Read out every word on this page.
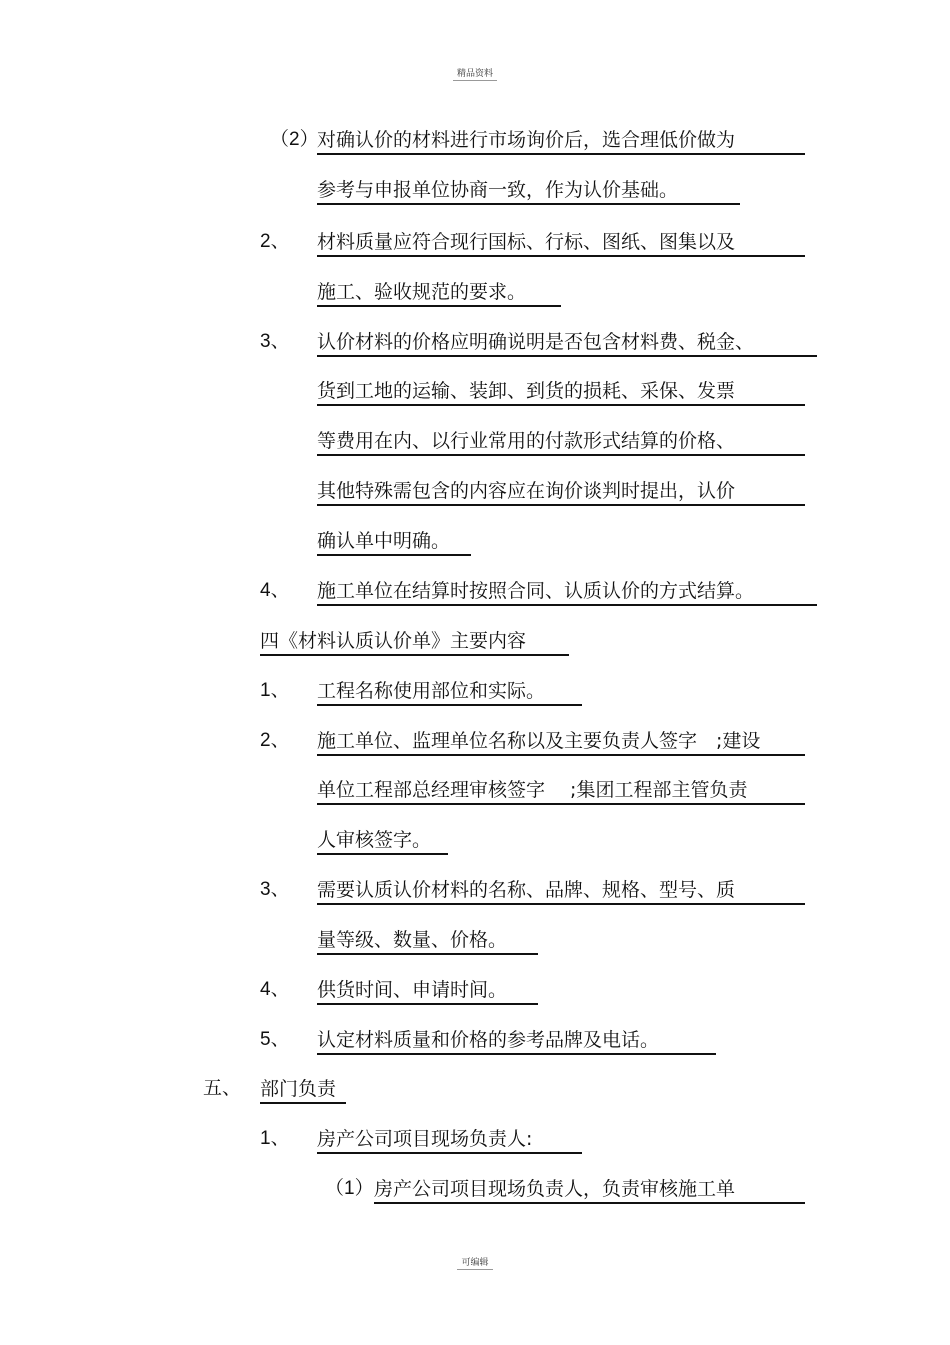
精品资料
（2）
对确认价的材料进行市场询价后，选合理低价做为
参考与申报单位协商一致，作为认价基础。
2、 材料质量应符合现行国标、行标、图纸、图集以及
施工、验收规范的要求。
3、 认价材料的价格应明确说明是否包含材料费、税金、
货到工地的运输、装卸、到货的损耗、采保、发票
等费用在内、以行业常用的付款形式结算的价格、
其他特殊需包含的内容应在询价谈判时提出，认价
确认单中明确。
4、 施工单位在结算时按照合同、认质认价的方式结算。
四《材料认质认价单》主要内容
1、 工程名称使用部位和实际。
2、 施工单位、监理单位名称以及主要负责人签字　;建设
单位工程部总经理审核签字　 ;集团工程部主管负责
人审核签字。
3、 需要认质认价材料的名称、品牌、规格、型号、质
量等级、数量、价格。
4、 供货时间、申请时间。
5、 认定材料质量和价格的参考品牌及电话。
五、 部门负责
1、 房产公司项目现场负责人:
（1） 房产公司项目现场负责人，负责审核施工单
可编辑
